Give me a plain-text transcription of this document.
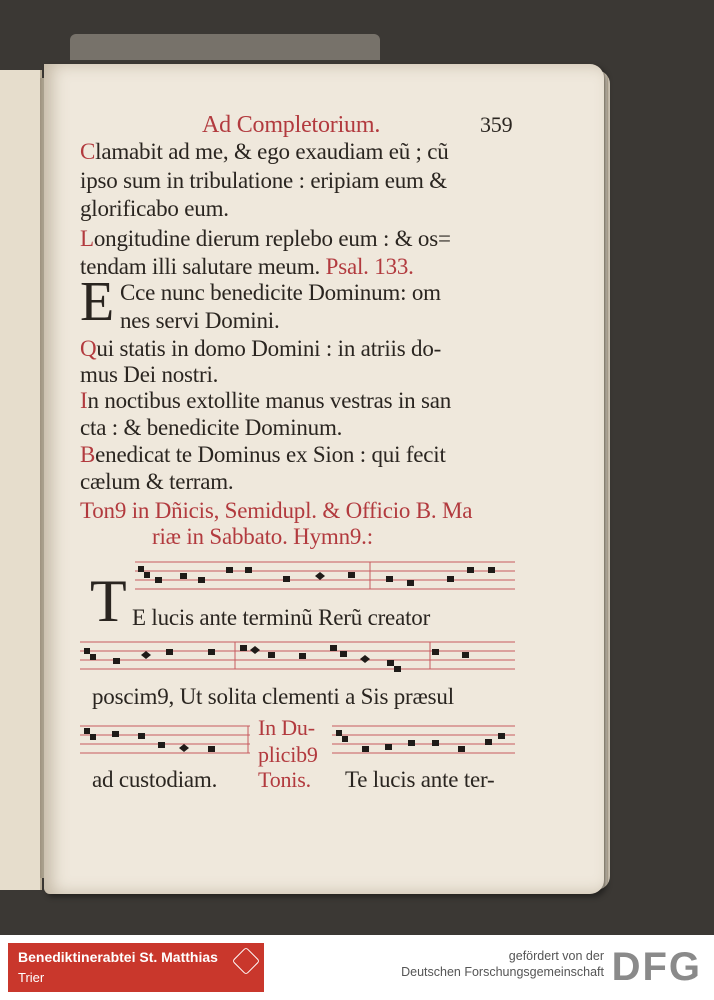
Ad Completorium.	359
Clamabit ad me, & ego exaudiam eũ ; cũ
ipso sum in tribulatione : eripiam eum &
glorificabo eum.
Longitudine dierum replebo eum : & os=
tendam illi salutare meum. Psal. 133.
E Cce nunc benedicite Dominum: om
nes servi Domini.
Qui statis in domo Domini : in atriis do-
mus Dei nostri.
In noctibus extollite manus vestras in san
cta : & benedicite Dominum.
Benedicat te Dominus ex Sion : qui fecit
cælum & terram.
Ton9 in Dñicis, Semidupl. & Officio B. Ma
riæ in Sabbato. Hymn9.:
T E lucis ante terminũ Rerũ creator
poscim9, Ut solita clementi a Sis præsul
ad custodiam.
In Du-
plicib9
Tonis. Te lucis ante ter-
Benediktinerabtei St. Matthias
Trier
gefördert von der
Deutschen Forschungsgemeinschaft DFG
